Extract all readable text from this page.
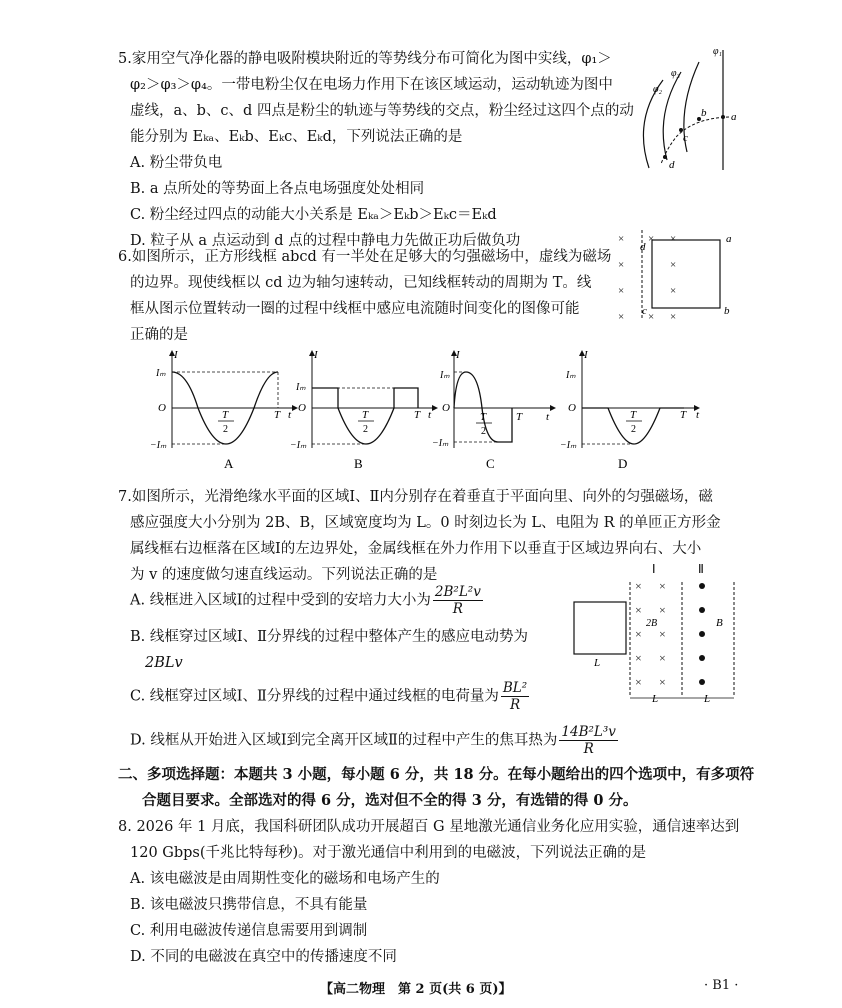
5.家用空气净化器的静电吸附模块附近的等势线分布可简化为图中实线，φ₁＞
φ₂＞φ₃＞φ₄。一带电粉尘仅在电场力作用下在该区域运动，运动轨迹为图中
虚线，a、b、c、d 四点是粉尘的轨迹与等势线的交点，粉尘经过这四个点的动
能分别为 Eₖₐ、Eₖb、Eₖc、Eₖd，下列说法正确的是
A. 粉尘带负电
B. a 点所处的等势面上各点电场强度处处相同
C. 粉尘经过四点的动能大小关系是 Eₖₐ＞Eₖb＞Eₖc＝Eₖd
D. 粒子从 a 点运动到 d 点的过程中静电力先做正功后做负功
φ₁
φ₃
φ₂
a
b
c
d
6.如图所示，正方形线框 abcd 有一半处在足够大的匀强磁场中，虚线为磁场
的边界。现使线框以 cd 边为轴匀速转动，已知线框转动的周期为 T。线
框从图示位置转动一圈的过程中线框中感应电流随时间变化的图像可能
正确的是
×
×
×
×
× ×
×
×
× ×
d
a
c	b
I
Iₘ
O
−Iₘ
T
2
T t
A
I
Iₘ
O
−Iₘ
T
2
T t
B
I
Iₘ
O
−Iₘ
T
2
T t
C
I
Iₘ
O
−Iₘ
T
2
T t
D
7.如图所示，光滑绝缘水平面的区域Ⅰ、Ⅱ内分别存在着垂直于平面向里、向外的匀强磁场，磁
感应强度大小分别为 2B、B，区域宽度均为 L。0 时刻边长为 L、电阻为 R 的单匝正方形金
属线框右边框落在区域Ⅰ的左边界处，金属线框在外力作用下以垂直于区域边界向右、大小
为 v 的速度做匀速直线运动。下列说法正确的是
A. 线框进入区域Ⅰ的过程中受到的安培力大小为 $\frac{\text{2B²L²v}}{R}$
B. 线框穿过区域Ⅰ、Ⅱ分界线的过程中整体产生的感应电动势为
2BLv
C. 线框穿过区域Ⅰ、Ⅱ分界线的过程中通过线框的电荷量为 $\frac{\text{BL²}}{R}$
D. 线框从开始进入区域Ⅰ到完全离开区域Ⅱ的过程中产生的焦耳热为 $\frac{\text{14B²L³v}}{R}$
× ×
× ×
× ×
× ×
× ×
Ⅰ	Ⅱ
2B	B
L
L	L
二、多项选择题：本题共 3 小题，每小题 6 分，共 18 分。在每小题给出的四个选项中，有多项符
合题目要求。全部选对的得 6 分，选对但不全的得 3 分，有选错的得 0 分。
8. 2026 年 1 月底，我国科研团队成功开展超百 G 星地激光通信业务化应用实验，通信速率达到
120 Gbps(千兆比特每秒)。对于激光通信中利用到的电磁波，下列说法正确的是
A. 该电磁波是由周期性变化的磁场和电场产生的
B. 该电磁波只携带信息，不具有能量
C. 利用电磁波传递信息需要用到调制
D. 不同的电磁波在真空中的传播速度不同
【高二物理　第 2 页(共 6 页)】	· B1 ·
